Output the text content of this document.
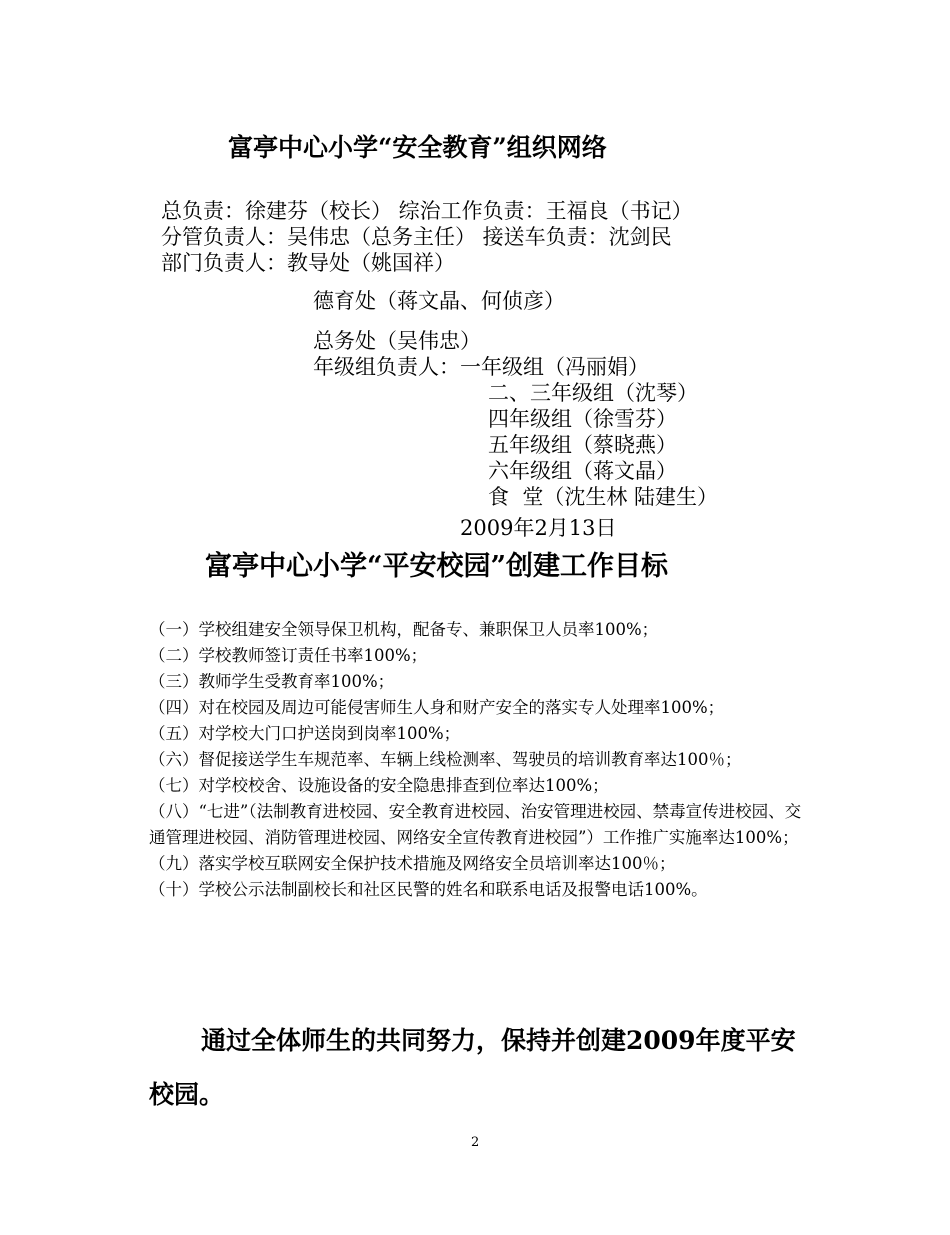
富亭中心小学“安全教育”组织网络
总负责：徐建芬（校长） 综治工作负责：王福良（书记）
分管负责人：吴伟忠（总务主任） 接送车负责：沈剑民
部门负责人：教导处（姚国祥）
德育处（蒋文晶、何侦彦）
总务处（吴伟忠）
年级组负责人：一年级组（冯丽娟）
二、三年级组（沈琴）
四年级组（徐雪芬）
五年级组（蔡晓燕）
六年级组（蒋文晶）
食  堂（沈生林 陆建生）
2009年2月13日
富亭中心小学“平安校园”创建工作目标
（一）学校组建安全领导保卫机构，配备专、兼职保卫人员率100%；
（二）学校教师签订责任书率100%；
（三）教师学生受教育率100%；
（四）对在校园及周边可能侵害师生人身和财产安全的落实专人处理率100%；
（五）对学校大门口护送岗到岗率100%；
（六）督促接送学生车规范率、车辆上线检测率、驾驶员的培训教育率达100％；
（七）对学校校舍、设施设备的安全隐患排查到位率达100%；
（八）“七进”（法制教育进校园、安全教育进校园、治安管理进校园、禁毒宣传进校园、交通管理进校园、消防管理进校园、网络安全宣传教育进校园”）工作推广实施率达100%；
（九）落实学校互联网安全保护技术措施及网络安全员培训率达100％；
（十）学校公示法制副校长和社区民警的姓名和联系电话及报警电话100%。

通过全体师生的共同努力，保持并创建2009年度平安校园。

2
